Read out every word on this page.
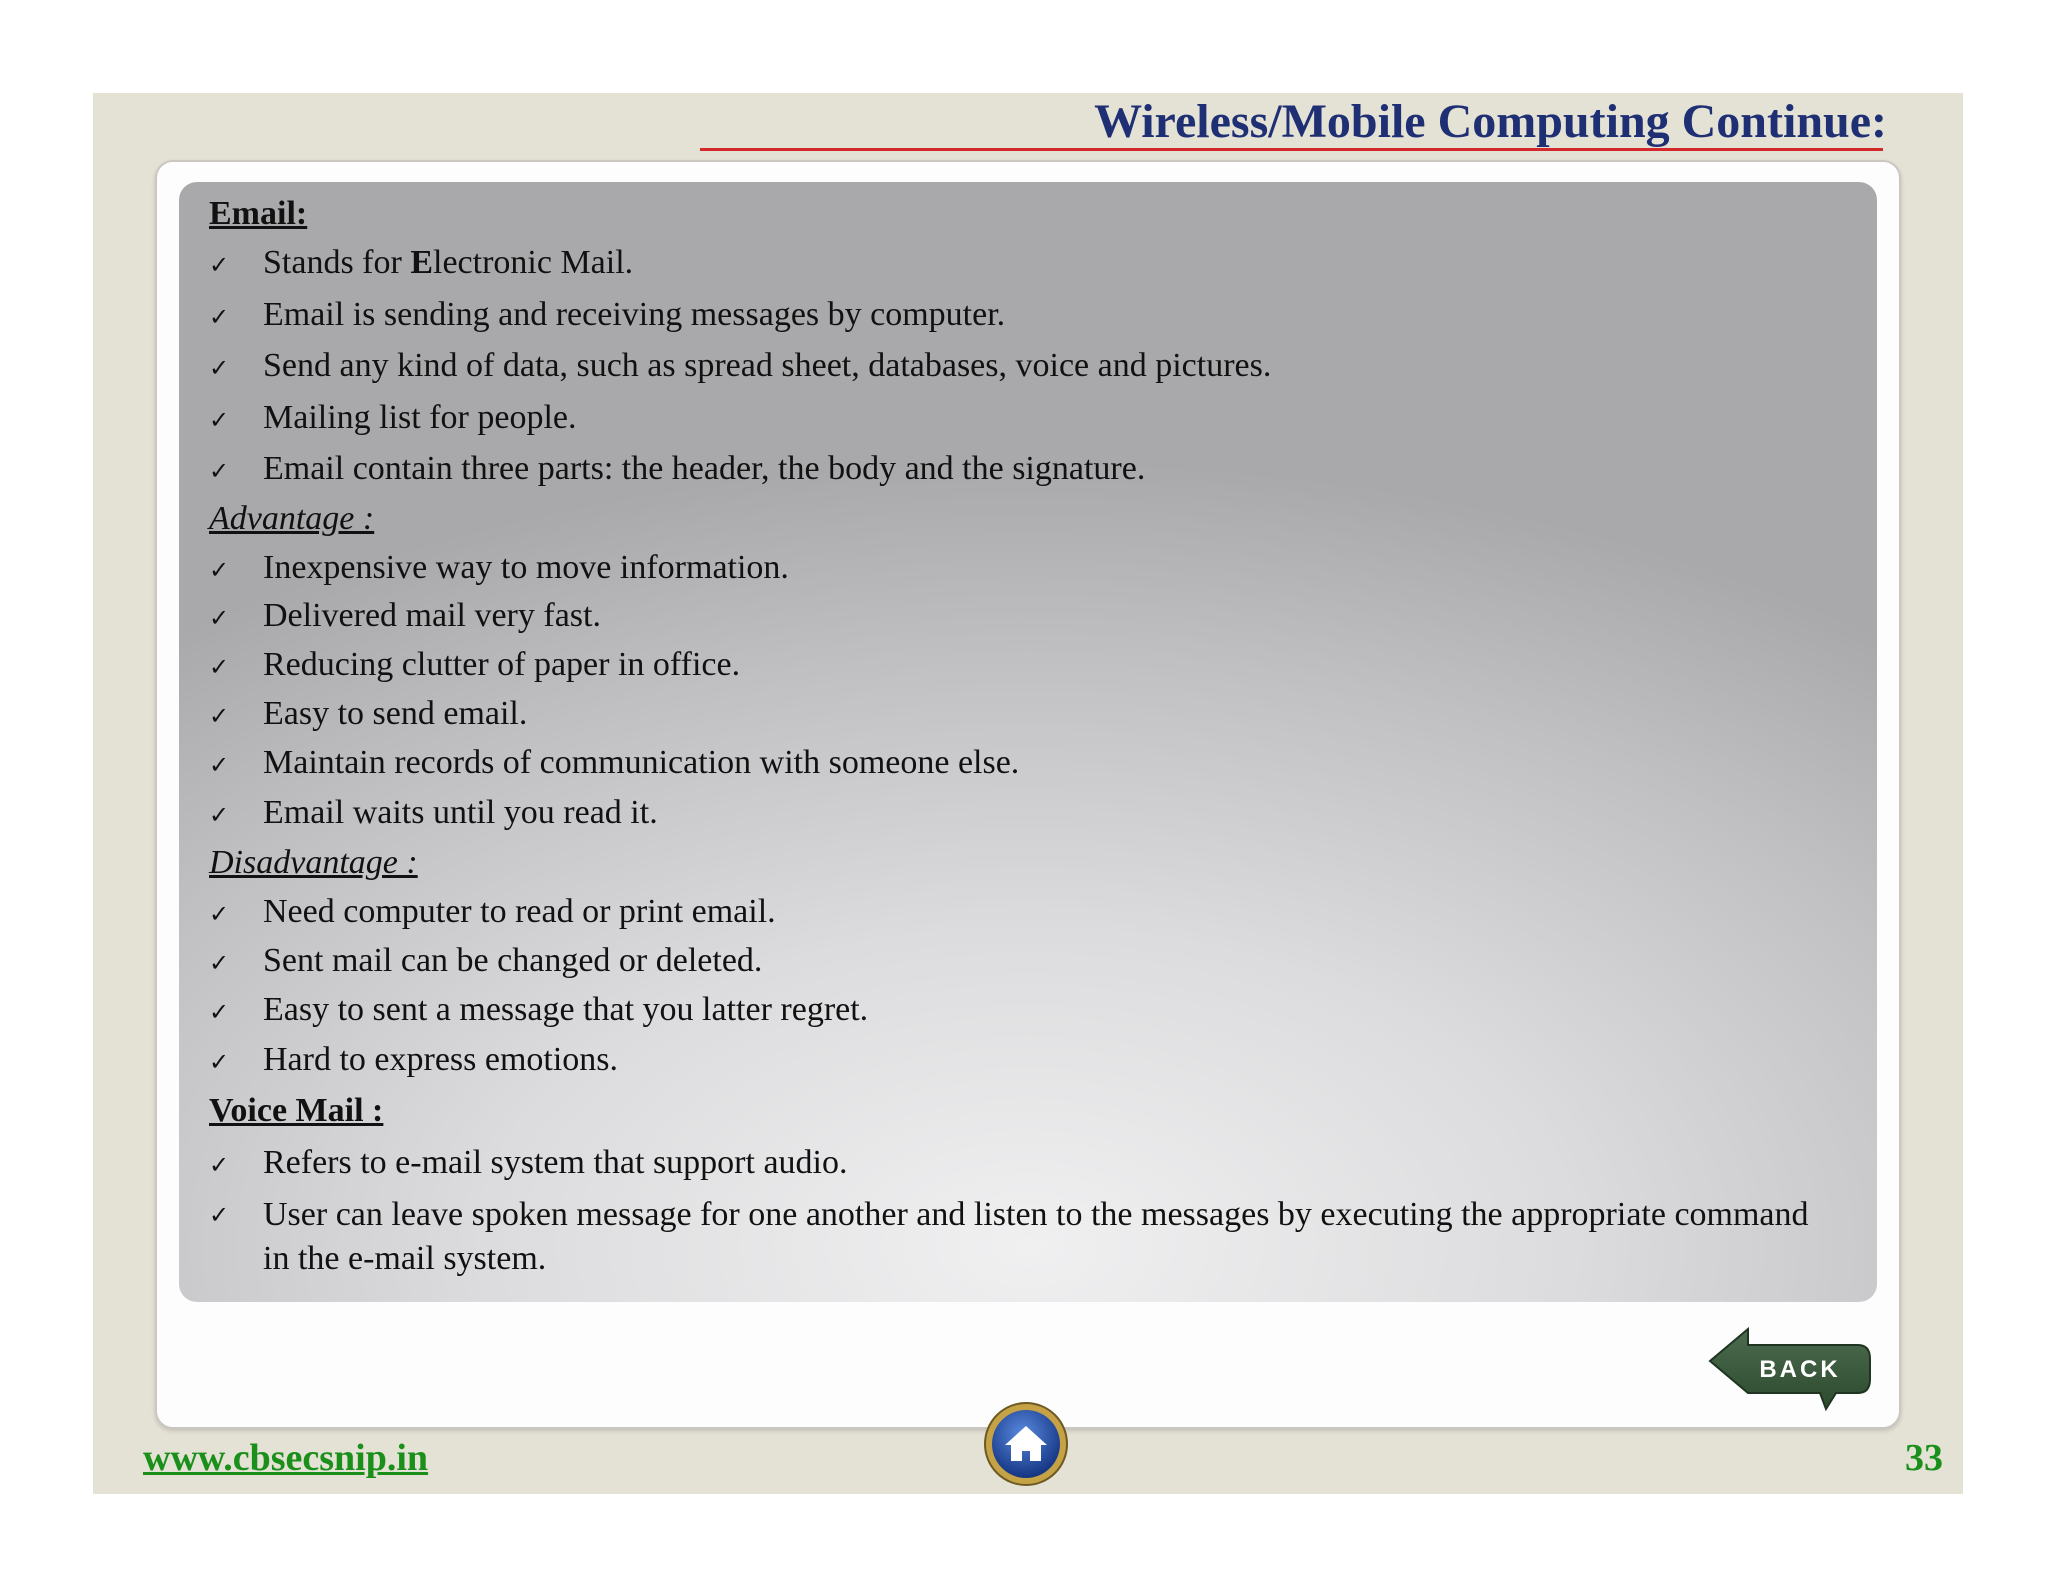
Wireless/Mobile Computing Continue:
Email:
✓ Stands for Electronic Mail.
✓ Email is sending and receiving messages by computer.
✓ Send any kind of data, such as spread sheet, databases, voice and pictures.
✓ Mailing list for people.
✓ Email contain three parts: the header, the body and the signature.
Advantage :
✓ Inexpensive way to move information.
✓ Delivered mail very fast.
✓ Reducing clutter of paper in office.
✓ Easy to send email.
✓ Maintain records of communication with someone else.
✓ Email waits until you read it.
Disadvantage :
✓ Need computer to read or print email.
✓ Sent mail can be changed or deleted.
✓ Easy to sent a message that you latter regret.
✓ Hard to express emotions.
Voice Mail :
✓ Refers to e-mail system that support audio.
✓ User can leave spoken message for one another and listen to the messages by executing the appropriate command in the e-mail system.
BACK
www.cbsecsnip.in	33
